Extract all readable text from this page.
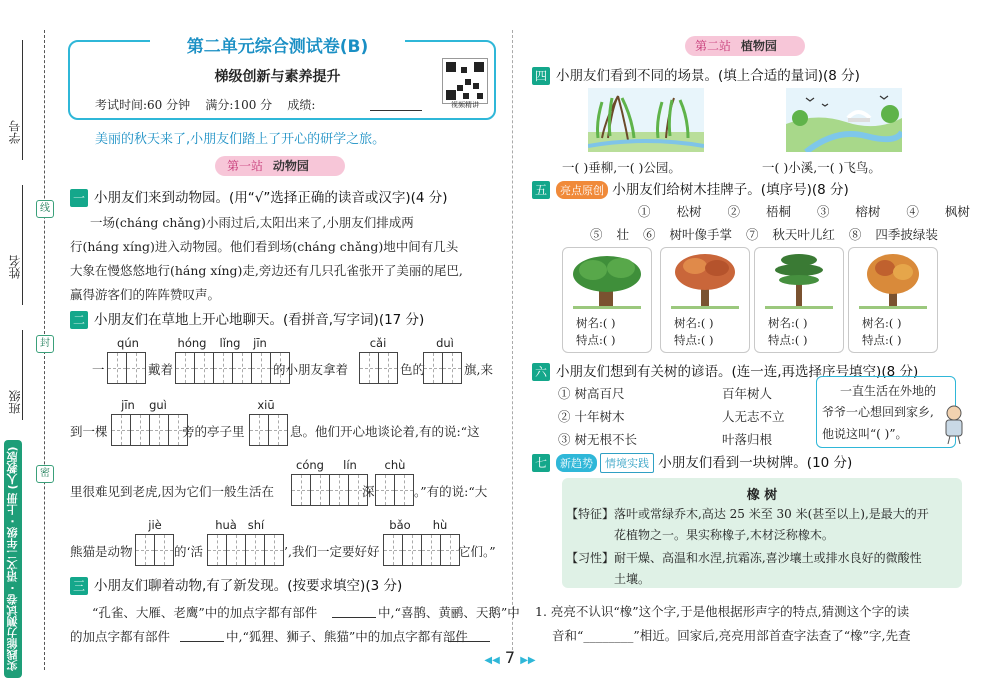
学号
姓名
班级
线
封
密
实践能力测试卷 · 语文二年级 · 上册 (人教版)
第二单元综合测试卷(B)
梯级创新与素养提升
考试时间:60 分钟    满分:100 分    成绩:	视频精讲
美丽的秋天来了,小朋友们踏上了开心的研学之旅。
第一站 动物园
一 小朋友们来到动物园。(用“√”选择正确的读音或汉字)(4 分)
一场(cháng chǎng)小雨过后,太阳出来了,小朋友们排成两
行(háng xíng)进入动物园。他们看到场(cháng chǎng)地中间有几头
大象在慢悠悠地行(háng xíng)走,旁边还有几只孔雀张开了美丽的尾巴,
赢得游客们的阵阵赞叹声。
二 小朋友们在草地上开心地聊天。(看拼音,写字词)(17 分)
qún	hóng	lǐng	jīn	cǎi	duì
一	戴着	的小朋友拿着	色的	旗,来
jīn	guì	xiū
到一棵	旁的亭子里	息。他们开心地谈论着,有的说:“这
cóng	lín	chù
里很难见到老虎,因为它们一般生活在	深	。”有的说:“大
jiè	huà shí	bǎo	hù
熊猫是动物	的‘活	’,我们一定要好好	它们。”
三 小朋友们聊着动物,有了新发现。(按要求填空)(3 分)
“孔雀、大雁、老鹰”中的加点字都有部件	中,“喜鹊、黄鹂、天鹅”中
的加点字都有部件	中,“狐狸、狮子、熊猫”中的加点字都有部件
第二站 植物园
四 小朋友们看到不同的场景。(填上合适的量词)(8 分)
一( )垂柳,一( )公园。	一( )小溪,一( )飞鸟。
五 亮点原创 小朋友们给树木挂牌子。(填序号)(8 分)
① 松树 ② 梧桐 ③ 榕树 ④ 枫树
⑤ 壮 ⑥ 树叶像手掌 ⑦ 秋天叶儿红 ⑧ 四季披绿装
树名:( )
特点:( )
树名:( )
特点:( )
树名:( )
特点:( )
树名:( )
特点:( )
六 小朋友们想到有关树的谚语。(连一连,再选择序号填空)(8 分)
① 树高百尺
② 十年树木
③ 树无根不长
百年树人
人无志不立
叶落归根
一直生活在外地的
爷爷一心想回到家乡,
他说这叫“( )”。
七 新趋势 情境实践 小朋友们看到一块树牌。(10 分)
橡 树
【特征】 落叶或常绿乔木,高达 25 米至 30 米(甚至以上),是最大的开
花植物之一。果实称橡子,木材泛称橡木。
【习性】 耐干燥、高温和水涅,抗霜冻,喜沙壤土或排水良好的微酸性
土壤。
1. 亮亮不认识“橡”这个字,于是他根据形声字的特点,猜测这个字的读
音和“________”相近。回家后,亮亮用部首查字法查了“橡”字,先查
◀◀ 7 ▶▶
